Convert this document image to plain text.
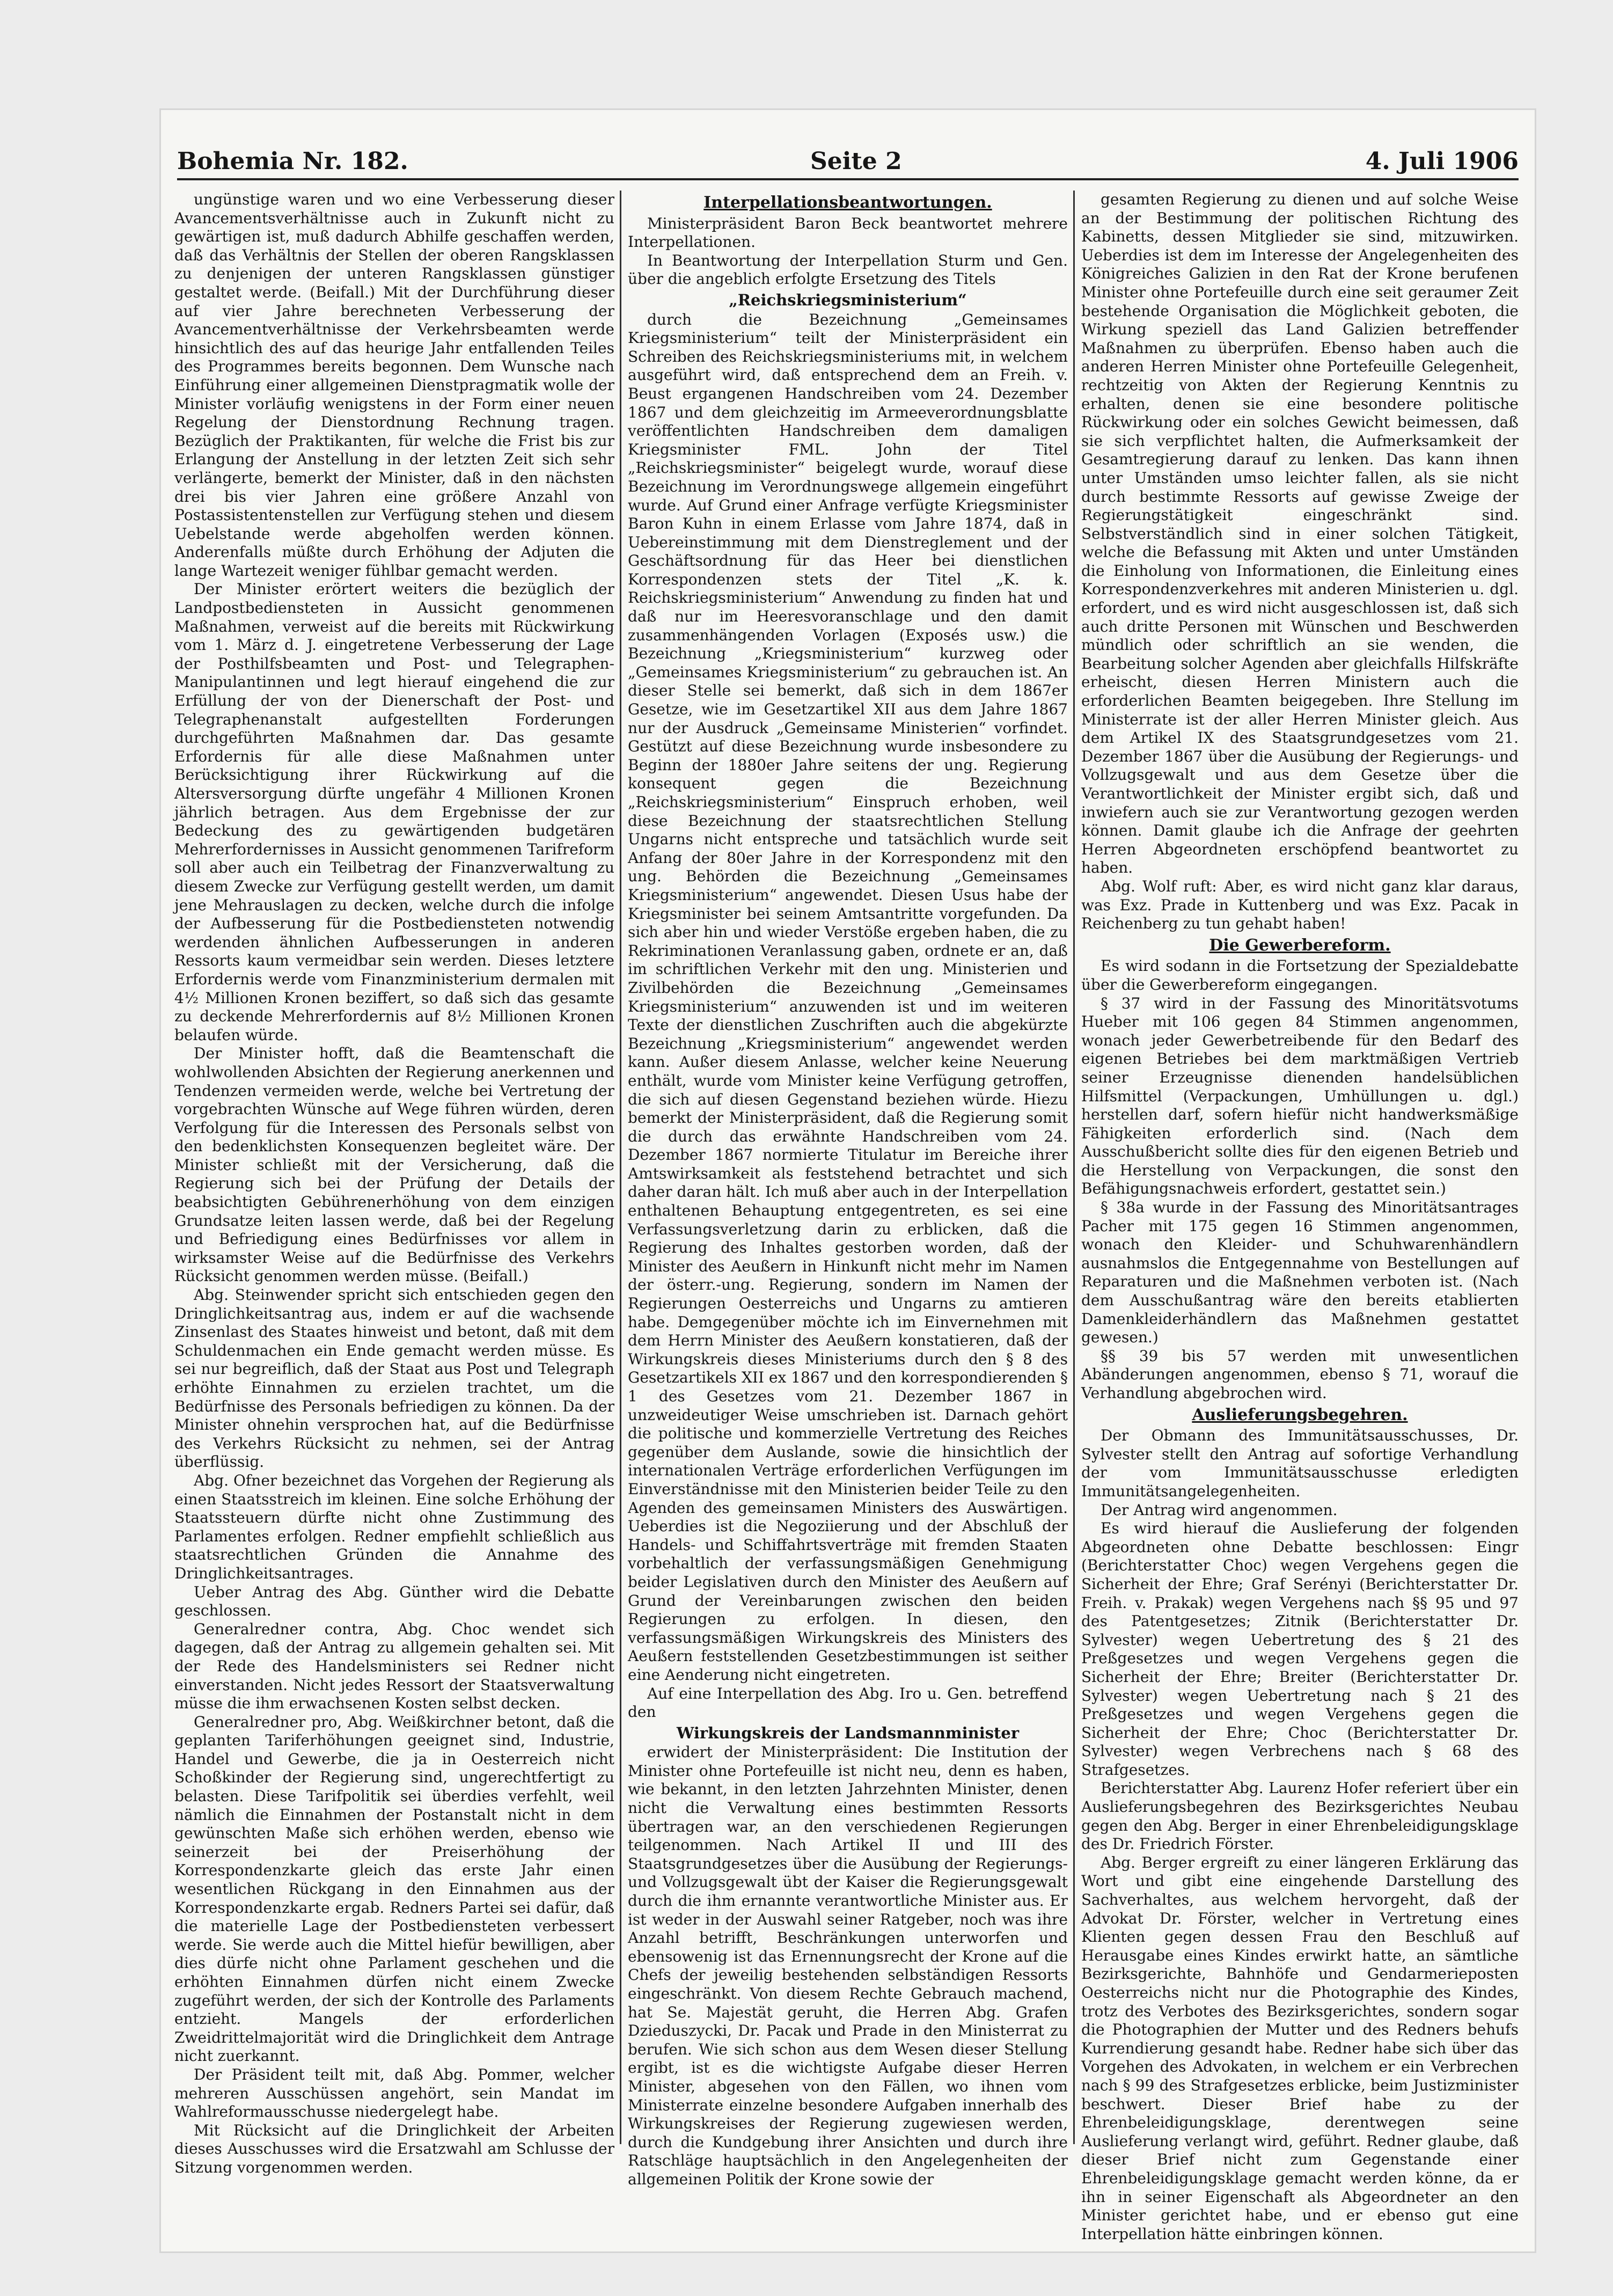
Bohemia Nr. 182.	Seite 2	4. Juli 1906

ungünstige waren und wo eine Verbesserung dieser Avancementsverhältnisse auch in Zukunft nicht zu gewärtigen ist, muß dadurch Abhilfe geschaffen werden, daß das Verhältnis der Stellen der oberen Rangsklassen zu denjenigen der unteren Rangsklassen günstiger gestaltet werde. (Beifall.) Mit der Durchführung dieser auf vier Jahre berechneten Verbesserung der Avancementverhältnisse der Verkehrsbeamten werde hinsichtlich des auf das heurige Jahr entfallenden Teiles des Programmes bereits begonnen. Dem Wunsche nach Einführung einer allgemeinen Dienstpragmatik wolle der Minister vorläufig wenigstens in der Form einer neuen Regelung der Dienstordnung Rechnung tragen. Bezüglich der Praktikanten, für welche die Frist bis zur Erlangung der Anstellung in der letzten Zeit sich sehr verlängerte, bemerkt der Minister, daß in den nächsten drei bis vier Jahren eine größere Anzahl von Postassistentenstellen zur Verfügung stehen und diesem Uebelstande werde abgeholfen werden können. Anderenfalls müßte durch Erhöhung der Adjuten die lange Wartezeit weniger fühlbar gemacht werden.

Der Minister erörtert weiters die bezüglich der Landpostbediensteten in Aussicht genommenen Maßnahmen, verweist auf die bereits mit Rückwirkung vom 1. März d. J. eingetretene Verbesserung der Lage der Posthilfsbeamten und Post- und Telegraphen-Manipulantinnen und legt hierauf eingehend die zur Erfüllung der von der Dienerschaft der Post- und Telegraphenanstalt aufgestellten Forderungen durchgeführten Maßnahmen dar. Das gesamte Erfordernis für alle diese Maßnahmen unter Berücksichtigung ihrer Rückwirkung auf die Altersversorgung dürfte ungefähr 4 Millionen Kronen jährlich betragen. Aus dem Ergebnisse der zur Bedeckung des zu gewärtigenden budgetären Mehrerfordernisses in Aussicht genommenen Tarifreform soll aber auch ein Teilbetrag der Finanzverwaltung zu diesem Zwecke zur Verfügung gestellt werden, um damit jene Mehrauslagen zu decken, welche durch die infolge der Aufbesserung für die Postbediensteten notwendig werdenden ähnlichen Aufbesserungen in anderen Ressorts kaum vermeidbar sein werden. Dieses letztere Erfordernis werde vom Finanzministerium dermalen mit 4½ Millionen Kronen beziffert, so daß sich das gesamte zu deckende Mehrerfordernis auf 8½ Millionen Kronen belaufen würde.

Der Minister hofft, daß die Beamtenschaft die wohlwollenden Absichten der Regierung anerkennen und Tendenzen vermeiden werde, welche bei Vertretung der vorgebrachten Wünsche auf Wege führen würden, deren Verfolgung für die Interessen des Personals selbst von den bedenklichsten Konsequenzen begleitet wäre. Der Minister schließt mit der Versicherung, daß die Regierung sich bei der Prüfung der Details der beabsichtigten Gebührenerhöhung von dem einzigen Grundsatze leiten lassen werde, daß bei der Regelung und Befriedigung eines Bedürfnisses vor allem in wirksamster Weise auf die Bedürfnisse des Verkehrs Rücksicht genommen werden müsse. (Beifall.)

Abg. Steinwender spricht sich entschieden gegen den Dringlichkeitsantrag aus, indem er auf die wachsende Zinsenlast des Staates hinweist und betont, daß mit dem Schuldenmachen ein Ende gemacht werden müsse. Es sei nur begreiflich, daß der Staat aus Post und Telegraph erhöhte Einnahmen zu erzielen trachtet, um die Bedürfnisse des Personals befriedigen zu können. Da der Minister ohnehin versprochen hat, auf die Bedürfnisse des Verkehrs Rücksicht zu nehmen, sei der Antrag überflüssig.

Abg. Ofner bezeichnet das Vorgehen der Regierung als einen Staatsstreich im kleinen. Eine solche Erhöhung der Staatssteuern dürfte nicht ohne Zustimmung des Parlamentes erfolgen. Redner empfiehlt schließlich aus staatsrechtlichen Gründen die Annahme des Dringlichkeitsantrages.

Ueber Antrag des Abg. Günther wird die Debatte geschlossen.

Generalredner contra, Abg. Choc wendet sich dagegen, daß der Antrag zu allgemein gehalten sei. Mit der Rede des Handelsministers sei Redner nicht einverstanden. Nicht jedes Ressort der Staatsverwaltung müsse die ihm erwachsenen Kosten selbst decken.

Generalredner pro, Abg. Weißkirchner betont, daß die geplanten Tariferhöhungen geeignet sind, Industrie, Handel und Gewerbe, die ja in Oesterreich nicht Schoßkinder der Regierung sind, ungerechtfertigt zu belasten. Diese Tarifpolitik sei überdies verfehlt, weil nämlich die Einnahmen der Postanstalt nicht in dem gewünschten Maße sich erhöhen werden, ebenso wie seinerzeit bei der Preiserhöhung der Korrespondenzkarte gleich das erste Jahr einen wesentlichen Rückgang in den Einnahmen aus der Korrespondenzkarte ergab. Redners Partei sei dafür, daß die materielle Lage der Postbediensteten verbessert werde. Sie werde auch die Mittel hiefür bewilligen, aber dies dürfe nicht ohne Parlament geschehen und die erhöhten Einnahmen dürfen nicht einem Zwecke zugeführt werden, der sich der Kontrolle des Parlaments entzieht. Mangels der erforderlichen Zweidrittelmajorität wird die Dringlichkeit dem Antrage nicht zuerkannt.

Der Präsident teilt mit, daß Abg. Pommer, welcher mehreren Ausschüssen angehört, sein Mandat im Wahlreformausschusse niedergelegt habe.

Mit Rücksicht auf die Dringlichkeit der Arbeiten dieses Ausschusses wird die Ersatzwahl am Schlusse der Sitzung vorgenommen werden.

Interpellationsbeantwortungen.

Ministerpräsident Baron Beck beantwortet mehrere Interpellationen.

In Beantwortung der Interpellation Sturm und Gen. über die angeblich erfolgte Ersetzung des Titels

„Reichskriegsministerium“

durch die Bezeichnung „Gemeinsames Kriegsministerium“ teilt der Ministerpräsident ein Schreiben des Reichskriegsministeriums mit, in welchem ausgeführt wird, daß entsprechend dem an Freih. v. Beust ergangenen Handschreiben vom 24. Dezember 1867 und dem gleichzeitig im Armeeverordnungsblatte veröffentlichten Handschreiben dem damaligen Kriegsminister FML. John der Titel „Reichskriegsminister“ beigelegt wurde, worauf diese Bezeichnung im Verordnungswege allgemein eingeführt wurde. Auf Grund einer Anfrage verfügte Kriegsminister Baron Kuhn in einem Erlasse vom Jahre 1874, daß in Uebereinstimmung mit dem Dienstreglement und der Geschäftsordnung für das Heer bei dienstlichen Korrespondenzen stets der Titel „K. k. Reichskriegsministerium“ Anwendung zu finden hat und daß nur im Heeresvoranschlage und den damit zusammenhängenden Vorlagen (Exposés usw.) die Bezeichnung „Kriegsministerium“ kurzweg oder „Gemeinsames Kriegsministerium“ zu gebrauchen ist. An dieser Stelle sei bemerkt, daß sich in dem 1867er Gesetze, wie im Gesetzartikel XII aus dem Jahre 1867 nur der Ausdruck „Gemeinsame Ministerien“ vorfindet. Gestützt auf diese Bezeichnung wurde insbesondere zu Beginn der 1880er Jahre seitens der ung. Regierung konsequent gegen die Bezeichnung „Reichskriegsministerium“ Einspruch erhoben, weil diese Bezeichnung der staatsrechtlichen Stellung Ungarns nicht entspreche und tatsächlich wurde seit Anfang der 80er Jahre in der Korrespondenz mit den ung. Behörden die Bezeichnung „Gemeinsames Kriegsministerium“ angewendet. Diesen Usus habe der Kriegsminister bei seinem Amtsantritte vorgefunden. Da sich aber hin und wieder Verstöße ergeben haben, die zu Rekriminationen Veranlassung gaben, ordnete er an, daß im schriftlichen Verkehr mit den ung. Ministerien und Zivilbehörden die Bezeichnung „Gemeinsames Kriegsministerium“ anzuwenden ist und im weiteren Texte der dienstlichen Zuschriften auch die abgekürzte Bezeichnung „Kriegsministerium“ angewendet werden kann. Außer diesem Anlasse, welcher keine Neuerung enthält, wurde vom Minister keine Verfügung getroffen, die sich auf diesen Gegenstand beziehen würde. Hiezu bemerkt der Ministerpräsident, daß die Regierung somit die durch das erwähnte Handschreiben vom 24. Dezember 1867 normierte Titulatur im Bereiche ihrer Amtswirksamkeit als feststehend betrachtet und sich daher daran hält. Ich muß aber auch in der Interpellation enthaltenen Behauptung entgegentreten, es sei eine Verfassungsverletzung darin zu erblicken, daß die Regierung des Inhaltes gestorben worden, daß der Minister des Aeußern in Hinkunft nicht mehr im Namen der österr.-ung. Regierung, sondern im Namen der Regierungen Oesterreichs und Ungarns zu amtieren habe. Demgegenüber möchte ich im Einvernehmen mit dem Herrn Minister des Aeußern konstatieren, daß der Wirkungskreis dieses Ministeriums durch den § 8 des Gesetzartikels XII ex 1867 und den korrespondierenden § 1 des Gesetzes vom 21. Dezember 1867 in unzweideutiger Weise umschrieben ist. Darnach gehört die politische und kommerzielle Vertretung des Reiches gegenüber dem Auslande, sowie die hinsichtlich der internationalen Verträge erforderlichen Verfügungen im Einverständnisse mit den Ministerien beider Teile zu den Agenden des gemeinsamen Ministers des Auswärtigen. Ueberdies ist die Negoziierung und der Abschluß der Handels- und Schiffahrtsverträge mit fremden Staaten vorbehaltlich der verfassungsmäßigen Genehmigung beider Legislativen durch den Minister des Aeußern auf Grund der Vereinbarungen zwischen den beiden Regierungen zu erfolgen. In diesen, den verfassungsmäßigen Wirkungskreis des Ministers des Aeußern feststellenden Gesetzbestimmungen ist seither eine Aenderung nicht eingetreten.

Auf eine Interpellation des Abg. Iro u. Gen. betreffend den

Wirkungskreis der Landsmannminister

erwidert der Ministerpräsident: Die Institution der Minister ohne Portefeuille ist nicht neu, denn es haben, wie bekannt, in den letzten Jahrzehnten Minister, denen nicht die Verwaltung eines bestimmten Ressorts übertragen war, an den verschiedenen Regierungen teilgenommen. Nach Artikel II und III des Staatsgrundgesetzes über die Ausübung der Regierungs- und Vollzugsgewalt übt der Kaiser die Regierungsgewalt durch die ihm ernannte verantwortliche Minister aus. Er ist weder in der Auswahl seiner Ratgeber, noch was ihre Anzahl betrifft, Beschränkungen unterworfen und ebensowenig ist das Ernennungsrecht der Krone auf die Chefs der jeweilig bestehenden selbständigen Ressorts eingeschränkt. Von diesem Rechte Gebrauch machend, hat Se. Majestät geruht, die Herren Abg. Grafen Dzieduszycki, Dr. Pacak und Prade in den Ministerrat zu berufen. Wie sich schon aus dem Wesen dieser Stellung ergibt, ist es die wichtigste Aufgabe dieser Herren Minister, abgesehen von den Fällen, wo ihnen vom Ministerrate einzelne besondere Aufgaben innerhalb des Wirkungskreises der Regierung zugewiesen werden, durch die Kundgebung ihrer Ansichten und durch ihre Ratschläge hauptsächlich in den Angelegenheiten der allgemeinen Politik der Krone sowie der

gesamten Regierung zu dienen und auf solche Weise an der Bestimmung der politischen Richtung des Kabinetts, dessen Mitglieder sie sind, mitzuwirken. Ueberdies ist dem im Interesse der Angelegenheiten des Königreiches Galizien in den Rat der Krone berufenen Minister ohne Portefeuille durch eine seit geraumer Zeit bestehende Organisation die Möglichkeit geboten, die Wirkung speziell das Land Galizien betreffender Maßnahmen zu überprüfen. Ebenso haben auch die anderen Herren Minister ohne Portefeuille Gelegenheit, rechtzeitig von Akten der Regierung Kenntnis zu erhalten, denen sie eine besondere politische Rückwirkung oder ein solches Gewicht beimessen, daß sie sich verpflichtet halten, die Aufmerksamkeit der Gesamtregierung darauf zu lenken. Das kann ihnen unter Umständen umso leichter fallen, als sie nicht durch bestimmte Ressorts auf gewisse Zweige der Regierungstätigkeit eingeschränkt sind. Selbstverständlich sind in einer solchen Tätigkeit, welche die Befassung mit Akten und unter Umständen die Einholung von Informationen, die Einleitung eines Korrespondenzverkehres mit anderen Ministerien u. dgl. erfordert, und es wird nicht ausgeschlossen ist, daß sich auch dritte Personen mit Wünschen und Beschwerden mündlich oder schriftlich an sie wenden, die Bearbeitung solcher Agenden aber gleichfalls Hilfskräfte erheischt, diesen Herren Ministern auch die erforderlichen Beamten beigegeben. Ihre Stellung im Ministerrate ist der aller Herren Minister gleich. Aus dem Artikel IX des Staatsgrundgesetzes vom 21. Dezember 1867 über die Ausübung der Regierungs- und Vollzugsgewalt und aus dem Gesetze über die Verantwortlichkeit der Minister ergibt sich, daß und inwiefern auch sie zur Verantwortung gezogen werden können. Damit glaube ich die Anfrage der geehrten Herren Abgeordneten erschöpfend beantwortet zu haben.

Abg. Wolf ruft: Aber, es wird nicht ganz klar daraus, was Exz. Prade in Kuttenberg und was Exz. Pacak in Reichenberg zu tun gehabt haben!

Die Gewerbereform.

Es wird sodann in die Fortsetzung der Spezialdebatte über die Gewerbereform eingegangen.

§ 37 wird in der Fassung des Minoritätsvotums Hueber mit 106 gegen 84 Stimmen angenommen, wonach jeder Gewerbetreibende für den Bedarf des eigenen Betriebes bei dem marktmäßigen Vertrieb seiner Erzeugnisse dienenden handelsüblichen Hilfsmittel (Verpackungen, Umhüllungen u. dgl.) herstellen darf, sofern hiefür nicht handwerksmäßige Fähigkeiten erforderlich sind. (Nach dem Ausschußbericht sollte dies für den eigenen Betrieb und die Herstellung von Verpackungen, die sonst den Befähigungsnachweis erfordert, gestattet sein.)

§ 38a wurde in der Fassung des Minoritätsantrages Pacher mit 175 gegen 16 Stimmen angenommen, wonach den Kleider- und Schuhwarenhändlern ausnahmslos die Entgegennahme von Bestellungen auf Reparaturen und die Maßnehmen verboten ist. (Nach dem Ausschußantrag wäre den bereits etablierten Damenkleiderhändlern das Maßnehmen gestattet gewesen.)

§§ 39 bis 57 werden mit unwesentlichen Abänderungen angenommen, ebenso § 71, worauf die Verhandlung abgebrochen wird.

Auslieferungsbegehren.

Der Obmann des Immunitätsausschusses, Dr. Sylvester stellt den Antrag auf sofortige Verhandlung der vom Immunitätsausschusse erledigten Immunitätsangelegenheiten.

Der Antrag wird angenommen.

Es wird hierauf die Auslieferung der folgenden Abgeordneten ohne Debatte beschlossen: Eingr (Berichterstatter Choc) wegen Vergehens gegen die Sicherheit der Ehre; Graf Serényi (Berichterstatter Dr. Freih. v. Prakak) wegen Vergehens nach §§ 95 und 97 des Patentgesetzes; Zitnik (Berichterstatter Dr. Sylvester) wegen Uebertretung des § 21 des Preßgesetzes und wegen Vergehens gegen die Sicherheit der Ehre; Breiter (Berichterstatter Dr. Sylvester) wegen Uebertretung nach § 21 des Preßgesetzes und wegen Vergehens gegen die Sicherheit der Ehre; Choc (Berichterstatter Dr. Sylvester) wegen Verbrechens nach § 68 des Strafgesetzes.

Berichterstatter Abg. Laurenz Hofer referiert über ein Auslieferungsbegehren des Bezirksgerichtes Neubau gegen den Abg. Berger in einer Ehrenbeleidigungsklage des Dr. Friedrich Förster.

Abg. Berger ergreift zu einer längeren Erklärung das Wort und gibt eine eingehende Darstellung des Sachverhaltes, aus welchem hervorgeht, daß der Advokat Dr. Förster, welcher in Vertretung eines Klienten gegen dessen Frau den Beschluß auf Herausgabe eines Kindes erwirkt hatte, an sämtliche Bezirksgerichte, Bahnhöfe und Gendarmerieposten Oesterreichs nicht nur die Photographie des Kindes, trotz des Verbotes des Bezirksgerichtes, sondern sogar die Photographien der Mutter und des Redners behufs Kurrendierung gesandt habe. Redner habe sich über das Vorgehen des Advokaten, in welchem er ein Verbrechen nach § 99 des Strafgesetzes erblicke, beim Justizminister beschwert. Dieser Brief habe zu der Ehrenbeleidigungsklage, derentwegen seine Auslieferung verlangt wird, geführt. Redner glaube, daß dieser Brief nicht zum Gegenstande einer Ehrenbeleidigungsklage gemacht werden könne, da er ihn in seiner Eigenschaft als Abgeordneter an den Minister gerichtet habe, und er ebenso gut eine Interpellation hätte einbringen können.
